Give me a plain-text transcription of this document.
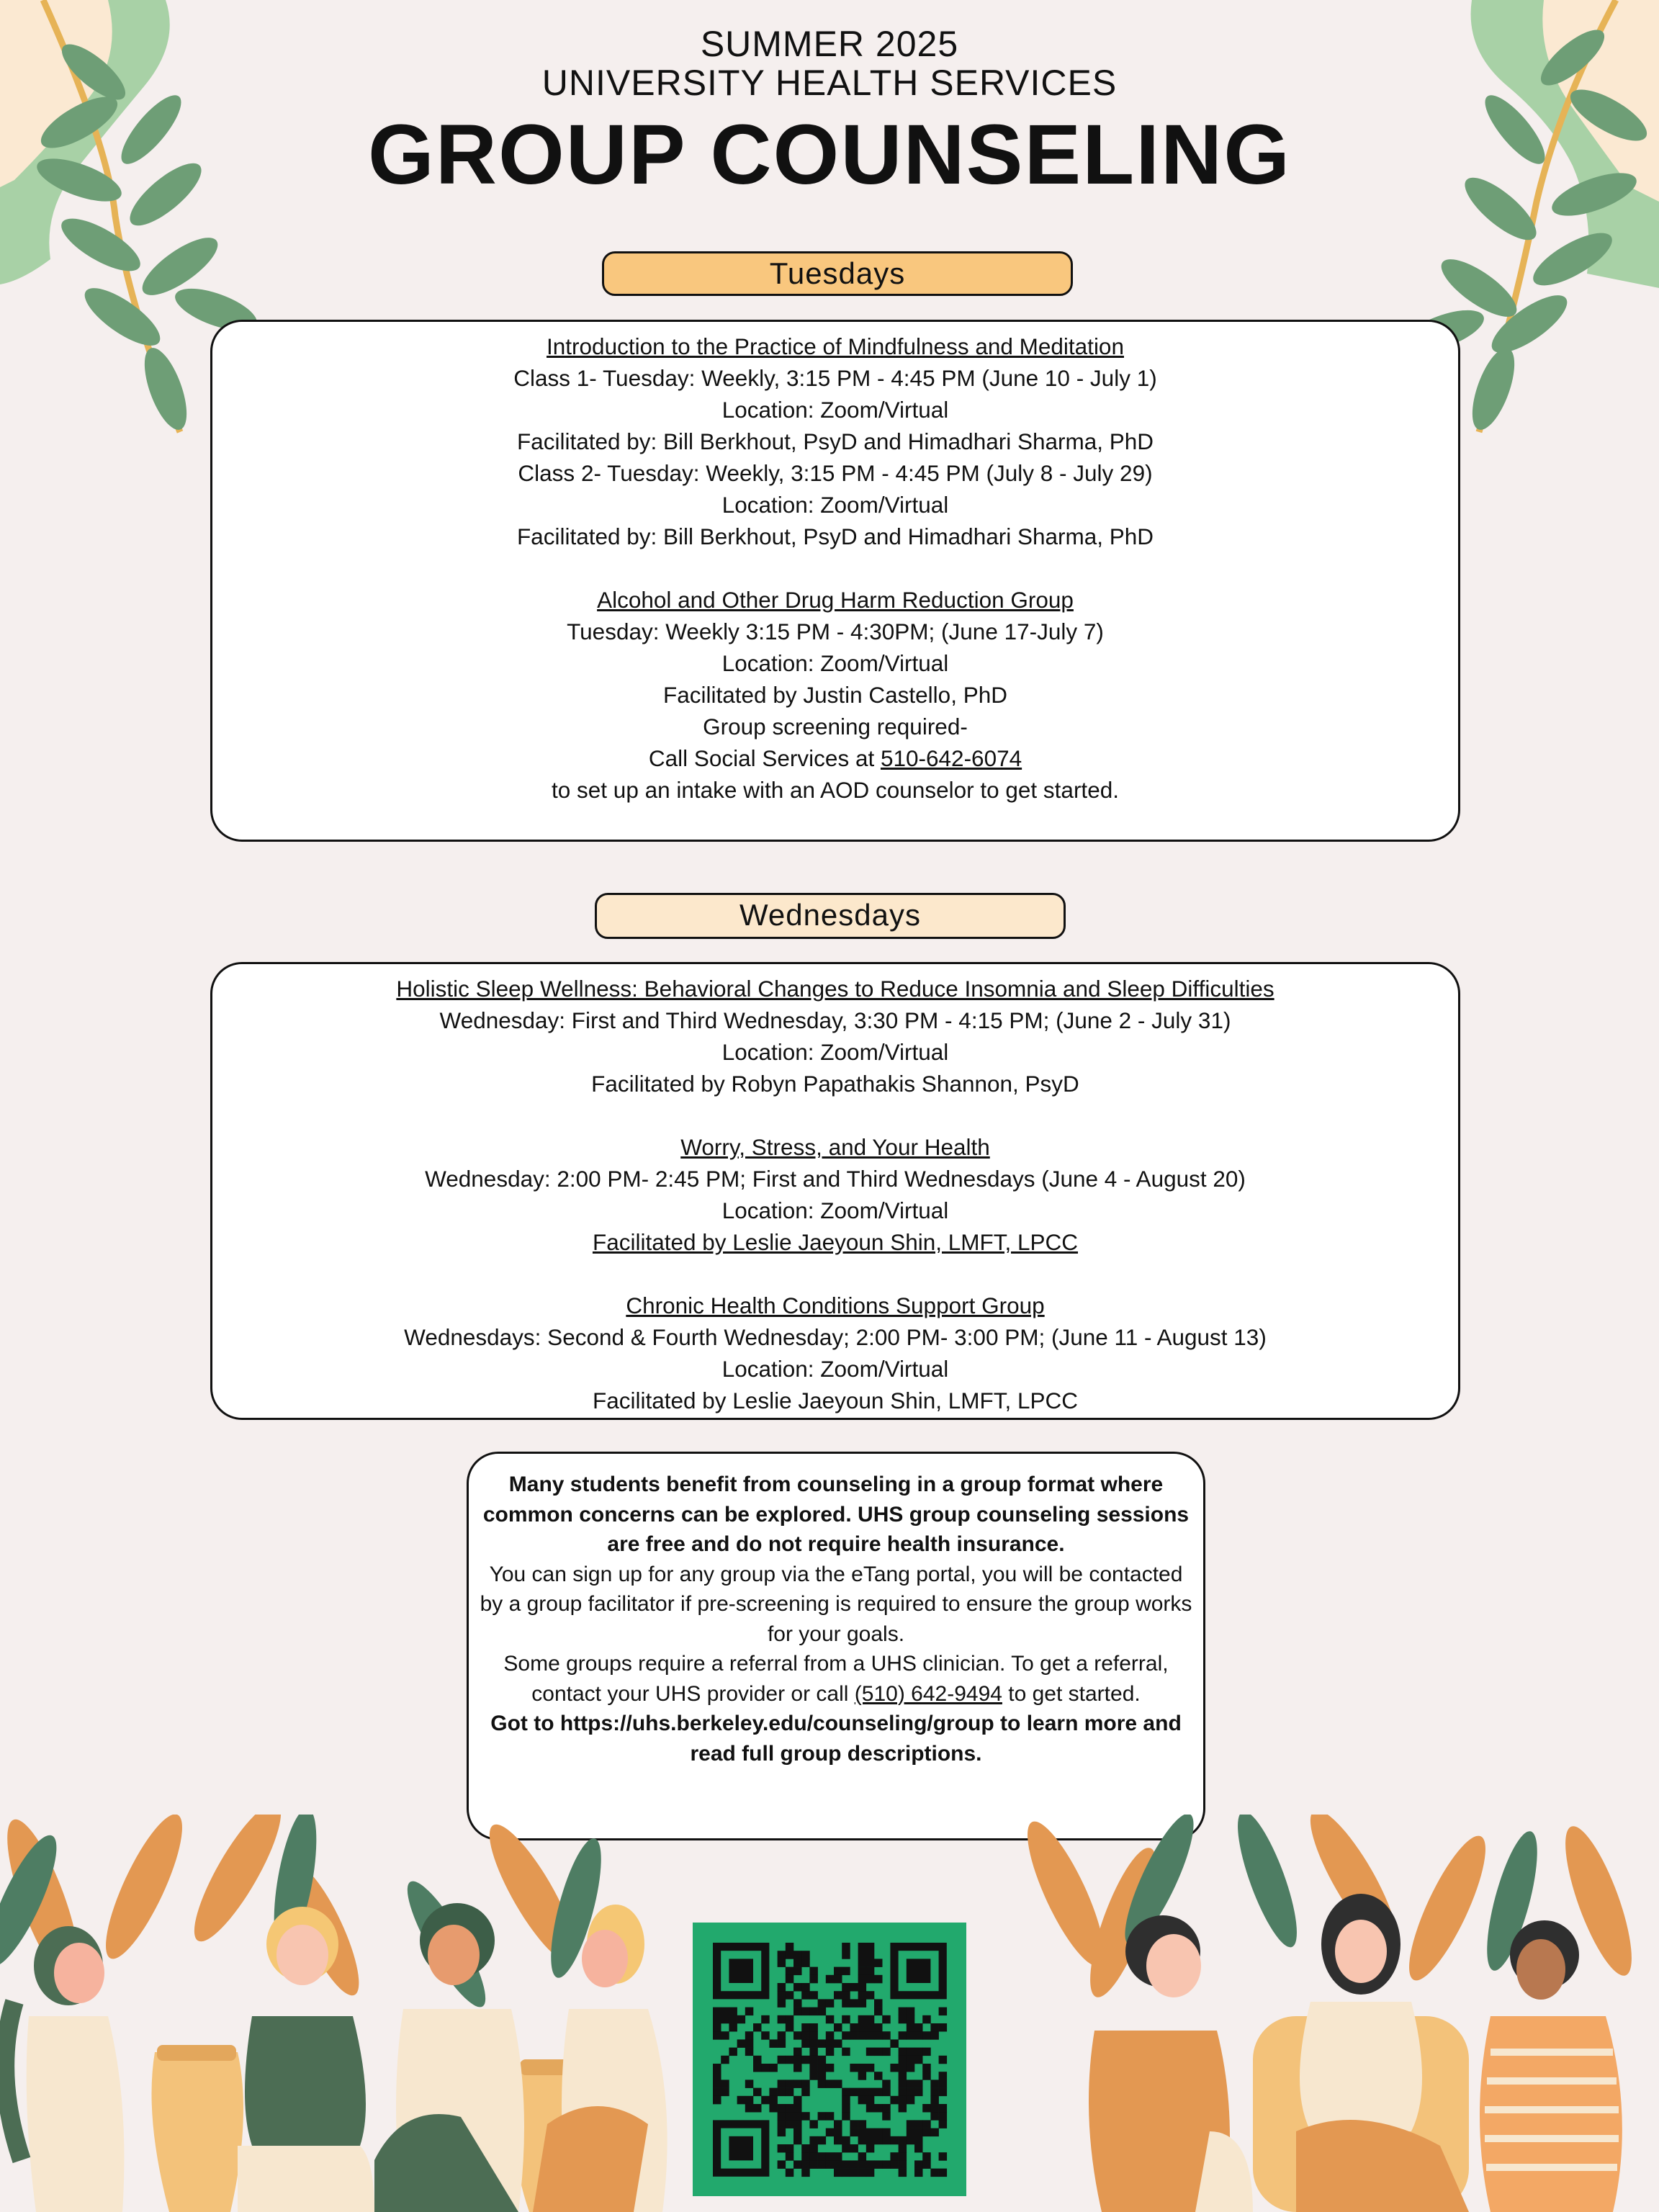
SUMMER 2025
UNIVERSITY HEALTH SERVICES
GROUP COUNSELING
Tuesdays
Introduction to the Practice of Mindfulness and Meditation
Class 1- Tuesday: Weekly, 3:15 PM - 4:45 PM (June 10 - July 1)
Location: Zoom/Virtual
Facilitated by: Bill Berkhout, PsyD and Himadhari Sharma, PhD
Class 2- Tuesday: Weekly, 3:15 PM - 4:45 PM (July 8 - July 29)
Location: Zoom/Virtual
Facilitated by: Bill Berkhout, PsyD and Himadhari Sharma, PhD
Alcohol and Other Drug Harm Reduction Group
Tuesday: Weekly 3:15 PM - 4:30PM; (June 17-July 7)
Location: Zoom/Virtual
Facilitated by Justin Castello, PhD
Group screening required-
Call Social Services at 510-642-6074
to set up an intake with an AOD counselor to get started.
Wednesdays
Holistic Sleep Wellness: Behavioral Changes to Reduce Insomnia and Sleep Difficulties
Wednesday: First and Third Wednesday, 3:30 PM - 4:15 PM; (June 2 - July 31)
Location: Zoom/Virtual
Facilitated by Robyn Papathakis Shannon, PsyD
Worry, Stress, and Your Health
Wednesday: 2:00 PM- 2:45 PM; First and Third Wednesdays (June 4 - August 20)
Location: Zoom/Virtual
Facilitated by Leslie Jaeyoun Shin, LMFT, LPCC
Chronic Health Conditions Support Group
Wednesdays: Second & Fourth Wednesday; 2:00 PM- 3:00 PM; (June 11 - August 13)
Location: Zoom/Virtual
Facilitated by Leslie Jaeyoun Shin, LMFT, LPCC
Many students benefit from counseling in a group format where common concerns can be explored. UHS group counseling sessions are free and do not require health insurance.
You can sign up for any group via the eTang portal, you will be contacted by a group facilitator if pre-screening is required to ensure the group works for your goals.
Some groups require a referral from a UHS clinician. To get a referral, contact your UHS provider or call (510) 642-9494 to get started.
Got to https://uhs.berkeley.edu/counseling/group to learn more and read full group descriptions.
